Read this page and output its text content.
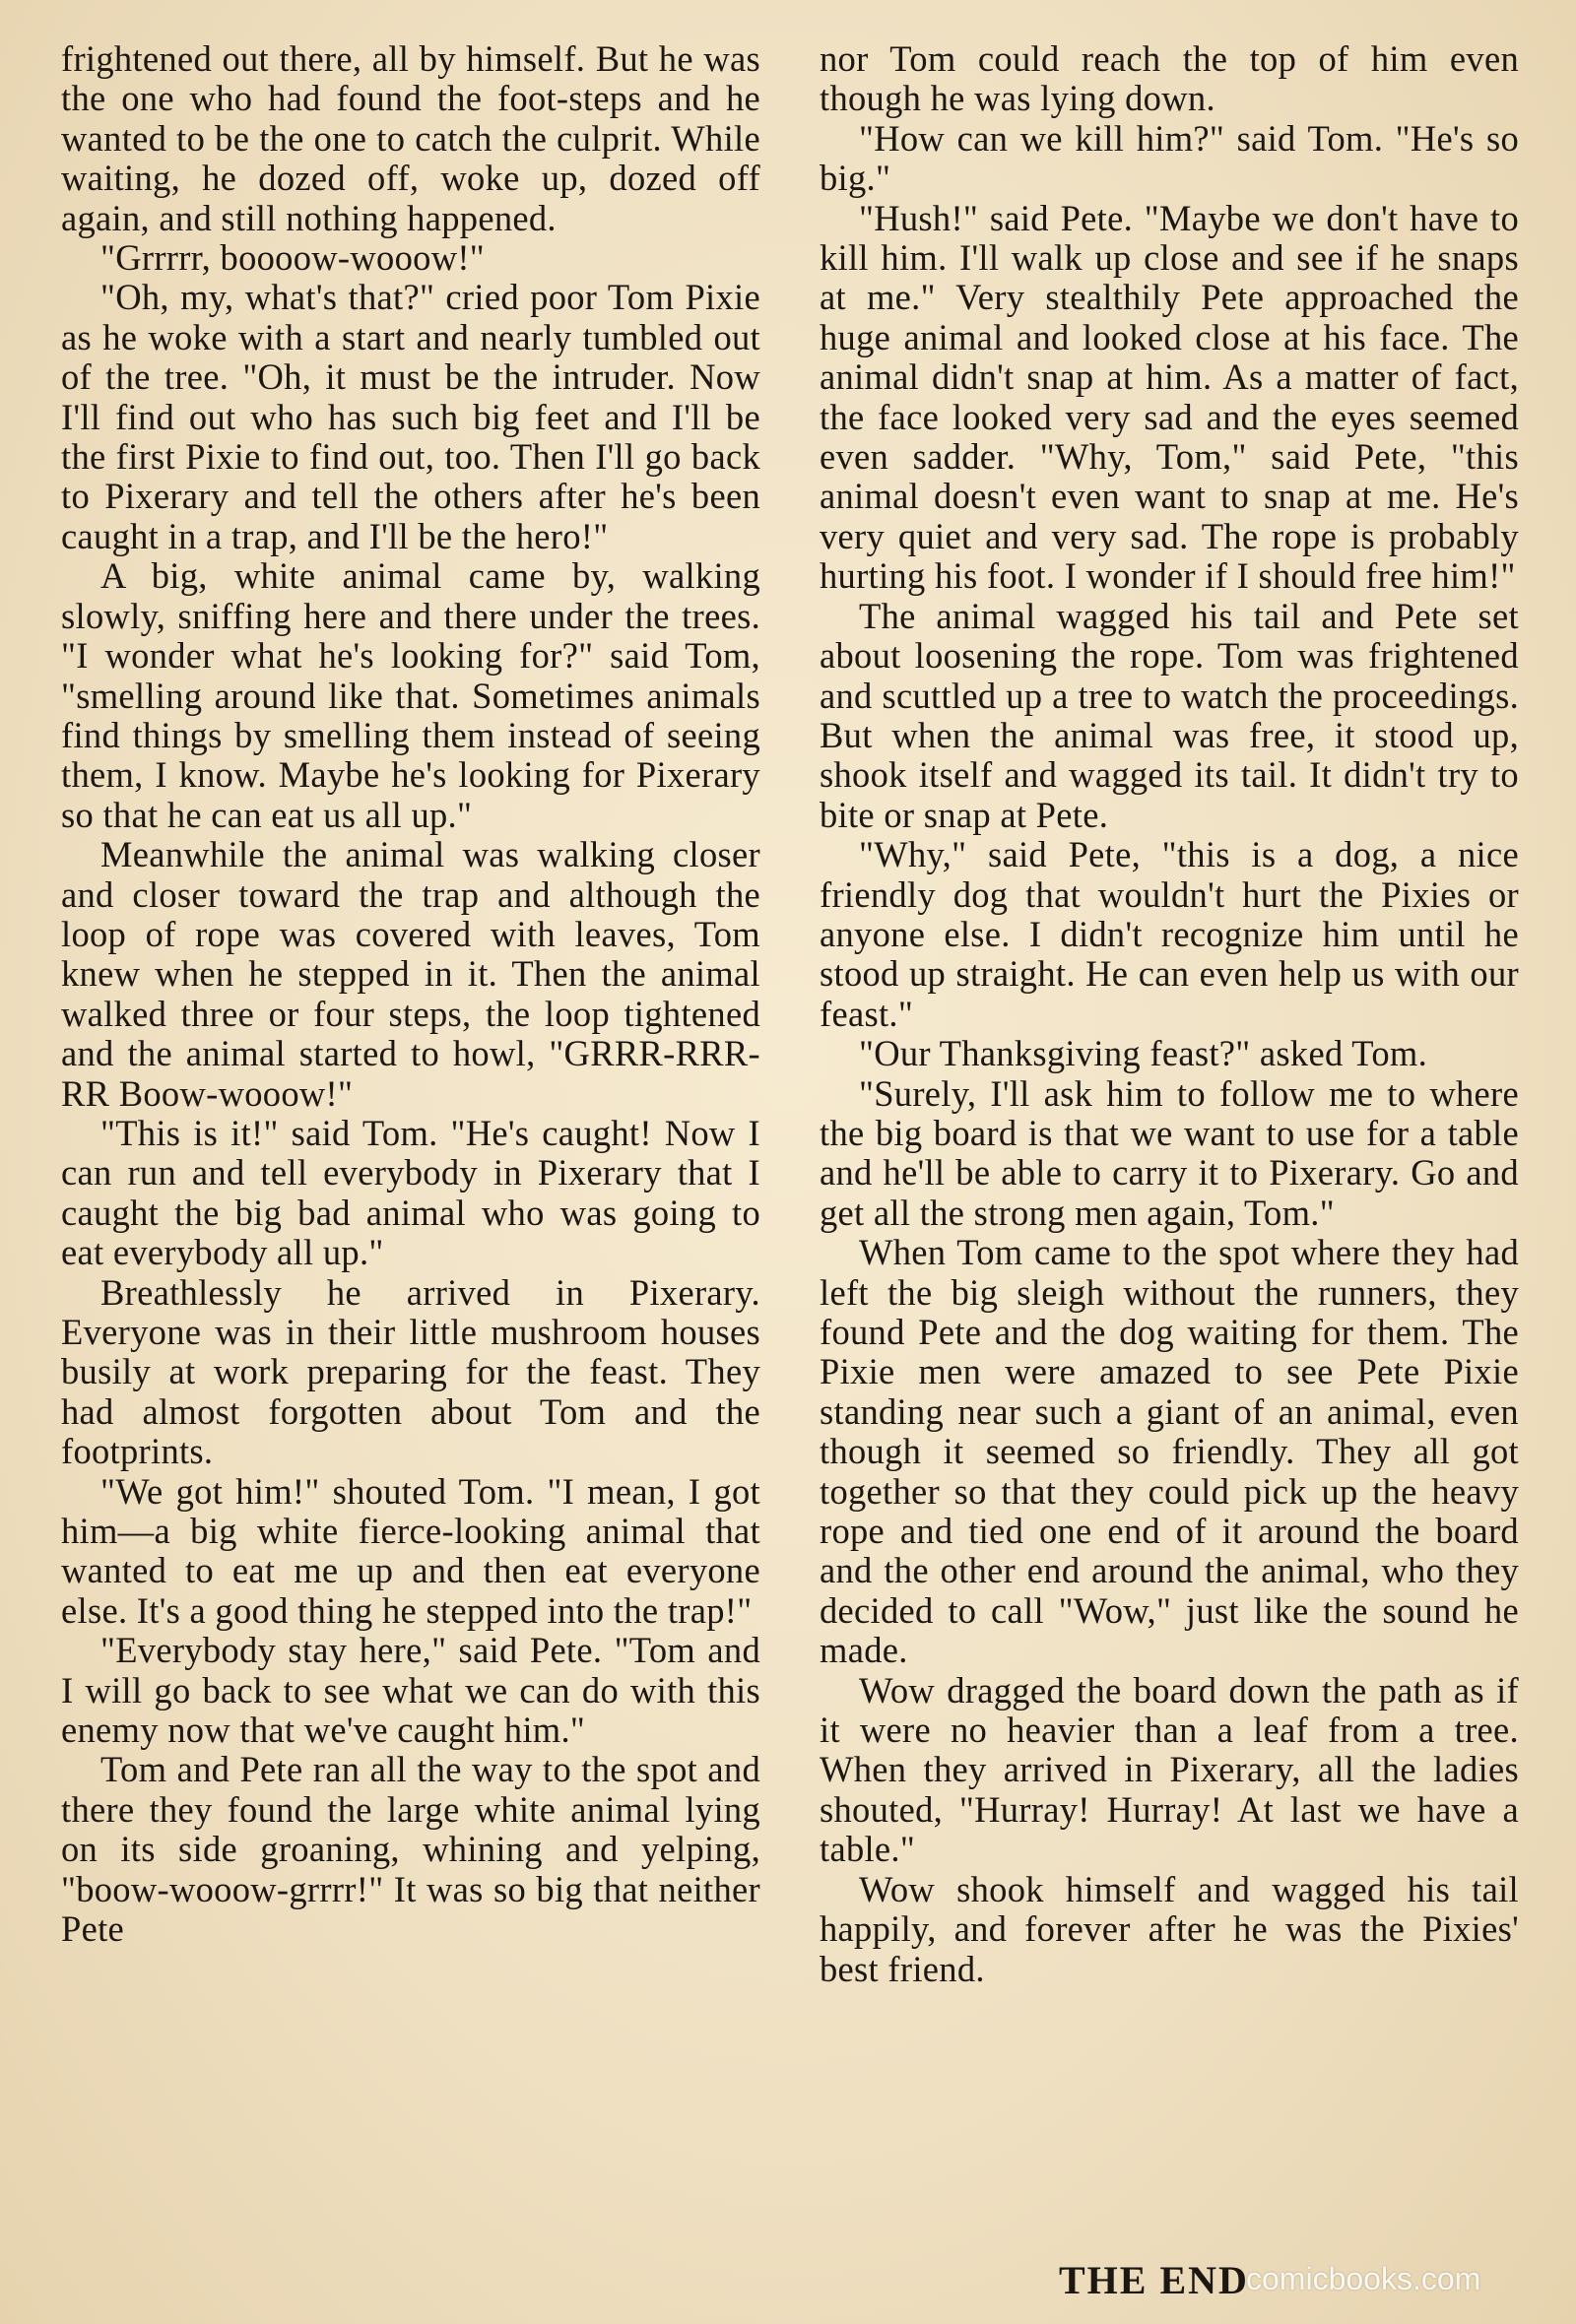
frightened out there, all by himself. But he was the one who had found the foot-steps and he wanted to be the one to catch the culprit. While waiting, he dozed off, woke up, dozed off again, and still nothing happened.

"Grrrrr, boooow-wooow!"

"Oh, my, what's that?" cried poor Tom Pixie as he woke with a start and nearly tumbled out of the tree. "Oh, it must be the intruder. Now I'll find out who has such big feet and I'll be the first Pixie to find out, too. Then I'll go back to Pixerary and tell the others after he's been caught in a trap, and I'll be the hero!"

A big, white animal came by, walking slowly, sniffing here and there under the trees. "I wonder what he's looking for?" said Tom, "smelling around like that. Sometimes animals find things by smelling them instead of seeing them, I know. Maybe he's looking for Pixerary so that he can eat us all up."

Meanwhile the animal was walking closer and closer toward the trap and although the loop of rope was covered with leaves, Tom knew when he stepped in it. Then the animal walked three or four steps, the loop tightened and the animal started to howl, "GRRR-RRR-RR Boow-wooow!"

"This is it!" said Tom. "He's caught! Now I can run and tell everybody in Pixerary that I caught the big bad animal who was going to eat everybody all up."

Breathlessly he arrived in Pixerary. Everyone was in their little mushroom houses busily at work preparing for the feast. They had almost forgotten about Tom and the footprints.

"We got him!" shouted Tom. "I mean, I got him—a big white fierce-looking animal that wanted to eat me up and then eat everyone else. It's a good thing he stepped into the trap!"

"Everybody stay here," said Pete. "Tom and I will go back to see what we can do with this enemy now that we've caught him."

Tom and Pete ran all the way to the spot and there they found the large white animal lying on its side groaning, whining and yelping, "boow-wooow-grrrr!" It was so big that neither Pete

nor Tom could reach the top of him even though he was lying down.

"How can we kill him?" said Tom. "He's so big."

"Hush!" said Pete. "Maybe we don't have to kill him. I'll walk up close and see if he snaps at me." Very stealthily Pete approached the huge animal and looked close at his face. The animal didn't snap at him. As a matter of fact, the face looked very sad and the eyes seemed even sadder. "Why, Tom," said Pete, "this animal doesn't even want to snap at me. He's very quiet and very sad. The rope is probably hurting his foot. I wonder if I should free him!"

The animal wagged his tail and Pete set about loosening the rope. Tom was frightened and scuttled up a tree to watch the proceedings. But when the animal was free, it stood up, shook itself and wagged its tail. It didn't try to bite or snap at Pete.

"Why," said Pete, "this is a dog, a nice friendly dog that wouldn't hurt the Pixies or anyone else. I didn't recognize him until he stood up straight. He can even help us with our feast."

"Our Thanksgiving feast?" asked Tom.

"Surely, I'll ask him to follow me to where the big board is that we want to use for a table and he'll be able to carry it to Pixerary. Go and get all the strong men again, Tom."

When Tom came to the spot where they had left the big sleigh without the runners, they found Pete and the dog waiting for them. The Pixie men were amazed to see Pete Pixie standing near such a giant of an animal, even though it seemed so friendly. They all got together so that they could pick up the heavy rope and tied one end of it around the board and the other end around the animal, who they decided to call "Wow," just like the sound he made.

Wow dragged the board down the path as if it were no heavier than a leaf from a tree. When they arrived in Pixerary, all the ladies shouted, "Hurray! Hurray! At last we have a table."

Wow shook himself and wagged his tail happily, and forever after he was the Pixies' best friend.

THE END
comicbooks.com
